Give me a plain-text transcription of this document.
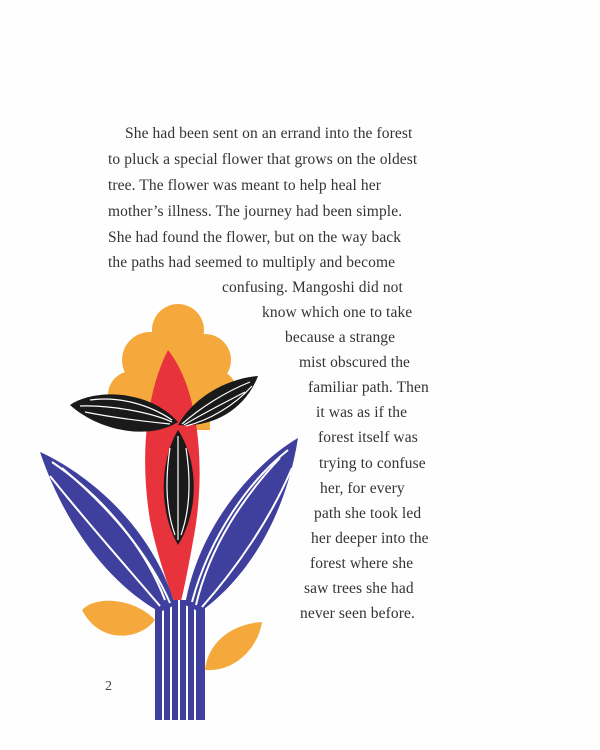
She had been sent on an errand into the forest
to pluck a special flower that grows on the oldest
tree. The flower was meant to help heal her
mother’s illness. The journey had been simple.
She had found the flower, but on the way back
the paths had seemed to multiply and become
confusing. Mangoshi did not
know which one to take
because a strange
mist obscured the
familiar path. Then
it was as if the
forest itself was
trying to confuse
her, for every
path she took led
her deeper into the
forest where she
saw trees she had
never seen before.
2
